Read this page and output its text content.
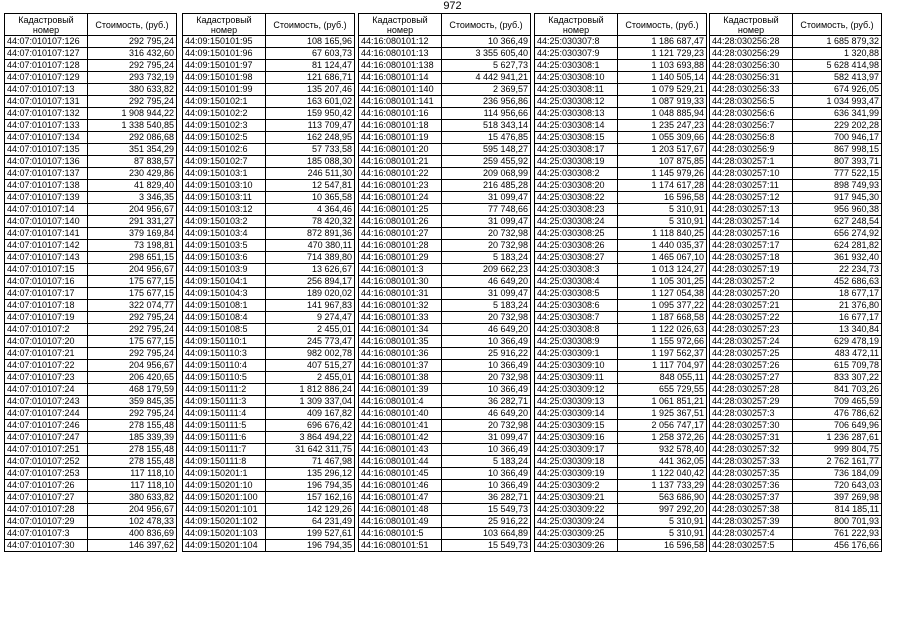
972
Кадастровый номер	Стоимость, (руб.)
44:07:010107:126	292 795,24
44:07:010107:127	316 432,60
44:07:010107:128	292 795,24
44:07:010107:129	293 732,19
44:07:010107:13	380 633,82
44:07:010107:131	292 795,24
44:07:010107:132	1 908 944,22
44:07:010107:133	1 338 540,85
44:07:010107:134	292 086,68
44:07:010107:135	351 354,29
44:07:010107:136	87 838,57
44:07:010107:137	230 429,86
44:07:010107:138	41 829,40
44:07:010107:139	3 346,35
44:07:010107:14	204 956,67
44:07:010107:140	291 331,27
44:07:010107:141	379 169,84
44:07:010107:142	73 198,81
44:07:010107:143	298 651,15
44:07:010107:15	204 956,67
44:07:010107:16	175 677,15
44:07:010107:17	175 677,15
44:07:010107:18	322 074,77
44:07:010107:19	292 795,24
44:07:010107:2	292 795,24
44:07:010107:20	175 677,15
44:07:010107:21	292 795,24
44:07:010107:22	204 956,67
44:07:010107:23	206 420,65
44:07:010107:24	468 179,59
44:07:010107:243	359 845,35
44:07:010107:244	292 795,24
44:07:010107:246	278 155,48
44:07:010107:247	185 339,39
44:07:010107:251	278 155,48
44:07:010107:252	278 155,48
44:07:010107:253	117 118,10
44:07:010107:26	117 118,10
44:07:010107:27	380 633,82
44:07:010107:28	204 956,67
44:07:010107:29	102 478,33
44:07:010107:3	400 836,69
44:07:010107:30	146 397,62
Кадастровый номер	Стоимость, (руб.)
44:09:150101:95	108 165,96
44:09:150101:96	67 603,73
44:09:150101:97	81 124,47
44:09:150101:98	121 686,71
44:09:150101:99	135 207,46
44:09:150102:1	163 601,02
44:09:150102:2	159 950,42
44:09:150102:3	113 709,47
44:09:150102:5	162 248,95
44:09:150102:6	57 733,58
44:09:150102:7	185 088,30
44:09:150103:1	246 511,30
44:09:150103:10	12 547,81
44:09:150103:11	10 365,58
44:09:150103:12	4 364,46
44:09:150103:2	78 420,32
44:09:150103:4	872 891,36
44:09:150103:5	470 380,11
44:09:150103:6	714 389,80
44:09:150103:9	13 626,67
44:09:150104:1	256 894,17
44:09:150104:3	189 020,02
44:09:150108:1	141 967,83
44:09:150108:4	9 274,47
44:09:150108:5	2 455,01
44:09:150110:1	245 773,47
44:09:150110:3	982 002,78
44:09:150110:4	407 515,27
44:09:150110:5	2 455,01
44:09:150111:2	1 812 886,24
44:09:150111:3	1 309 337,04
44:09:150111:4	409 167,82
44:09:150111:5	696 676,42
44:09:150111:6	3 864 494,22
44:09:150111:7	31 642 311,75
44:09:150111:8	71 467,98
44:09:150201:1	135 296,12
44:09:150201:10	196 794,35
44:09:150201:100	157 162,16
44:09:150201:101	142 129,26
44:09:150201:102	64 231,49
44:09:150201:103	199 527,61
44:09:150201:104	196 794,35
Кадастровый номер	Стоимость, (руб.)
44:16:080101:12	10 366,49
44:16:080101:13	3 355 605,40
44:16:080101:138	5 627,73
44:16:080101:14	4 442 941,21
44:16:080101:140	2 369,57
44:16:080101:141	236 956,86
44:16:080101:16	114 956,66
44:16:080101:18	518 343,14
44:16:080101:19	15 476,85
44:16:080101:20	595 148,27
44:16:080101:21	259 455,92
44:16:080101:22	209 068,99
44:16:080101:23	216 485,28
44:16:080101:24	31 099,47
44:16:080101:25	77 748,66
44:16:080101:26	31 099,47
44:16:080101:27	20 732,98
44:16:080101:28	20 732,98
44:16:080101:29	5 183,24
44:16:080101:3	209 662,23
44:16:080101:30	46 649,20
44:16:080101:31	31 099,47
44:16:080101:32	5 183,24
44:16:080101:33	20 732,98
44:16:080101:34	46 649,20
44:16:080101:35	10 366,49
44:16:080101:36	25 916,22
44:16:080101:37	10 366,49
44:16:080101:38	20 732,98
44:16:080101:39	10 366,49
44:16:080101:4	36 282,71
44:16:080101:40	46 649,20
44:16:080101:41	20 732,98
44:16:080101:42	31 099,47
44:16:080101:43	10 366,49
44:16:080101:44	5 183,24
44:16:080101:45	10 366,49
44:16:080101:46	10 366,49
44:16:080101:47	36 282,71
44:16:080101:48	15 549,73
44:16:080101:49	25 916,22
44:16:080101:5	103 664,89
44:16:080101:51	15 549,73
Кадастровый номер	Стоимость, (руб.)
44:25:030307:8	1 186 687,47
44:25:030307:9	1 121 729,23
44:25:030308:1	1 103 693,88
44:25:030308:10	1 140 505,14
44:25:030308:11	1 079 529,21
44:25:030308:12	1 087 919,33
44:25:030308:13	1 048 885,94
44:25:030308:14	1 235 247,23
44:25:030308:15	1 055 309,66
44:25:030308:17	1 203 517,67
44:25:030308:19	107 875,85
44:25:030308:2	1 145 979,26
44:25:030308:20	1 174 617,28
44:25:030308:22	16 596,58
44:25:030308:23	5 310,91
44:25:030308:24	5 310,91
44:25:030308:25	1 118 840,25
44:25:030308:26	1 440 035,37
44:25:030308:27	1 465 067,10
44:25:030308:3	1 013 124,27
44:25:030308:4	1 105 301,25
44:25:030308:5	1 127 054,38
44:25:030308:6	1 095 377,22
44:25:030308:7	1 187 668,58
44:25:030308:8	1 122 026,63
44:25:030308:9	1 155 972,66
44:25:030309:1	1 197 562,37
44:25:030309:10	1 117 704,97
44:25:030309:11	848 055,11
44:25:030309:12	655 729,55
44:25:030309:13	1 061 851,21
44:25:030309:14	1 925 367,51
44:25:030309:15	2 056 747,17
44:25:030309:16	1 258 372,26
44:25:030309:17	932 578,40
44:25:030309:18	441 362,05
44:25:030309:19	1 122 040,42
44:25:030309:2	1 137 733,29
44:25:030309:21	563 686,90
44:25:030309:22	997 292,20
44:25:030309:24	5 310,91
44:25:030309:25	5 310,91
44:25:030309:26	16 596,58
Кадастровый номер	Стоимость, (руб.)
44:28:030256:28	1 685 879,32
44:28:030256:29	1 320,88
44:28:030256:30	5 628 414,98
44:28:030256:31	582 413,97
44:28:030256:33	674 926,05
44:28:030256:5	1 034 993,47
44:28:030256:6	636 341,99
44:28:030256:7	229 202,28
44:28:030256:8	700 946,17
44:28:030256:9	867 998,15
44:28:030257:1	807 393,71
44:28:030257:10	777 522,15
44:28:030257:11	898 749,93
44:28:030257:12	917 945,30
44:28:030257:13	956 960,38
44:28:030257:14	627 248,54
44:28:030257:16	656 274,92
44:28:030257:17	624 281,82
44:28:030257:18	361 932,40
44:28:030257:19	22 234,73
44:28:030257:2	452 686,63
44:28:030257:20	18 677,17
44:28:030257:21	21 376,80
44:28:030257:22	16 677,17
44:28:030257:23	13 340,84
44:28:030257:24	629 478,19
44:28:030257:25	483 472,11
44:28:030257:26	615 709,78
44:28:030257:27	833 307,22
44:28:030257:28	841 703,26
44:28:030257:29	709 465,59
44:28:030257:3	476 786,62
44:28:030257:30	706 649,96
44:28:030257:31	1 236 287,61
44:28:030257:32	999 804,75
44:28:030257:33	2 762 161,77
44:28:030257:35	736 184,09
44:28:030257:36	720 643,03
44:28:030257:37	397 269,98
44:28:030257:38	814 185,11
44:28:030257:39	800 701,93
44:28:030257:4	761 222,93
44:28:030257:5	456 176,66
